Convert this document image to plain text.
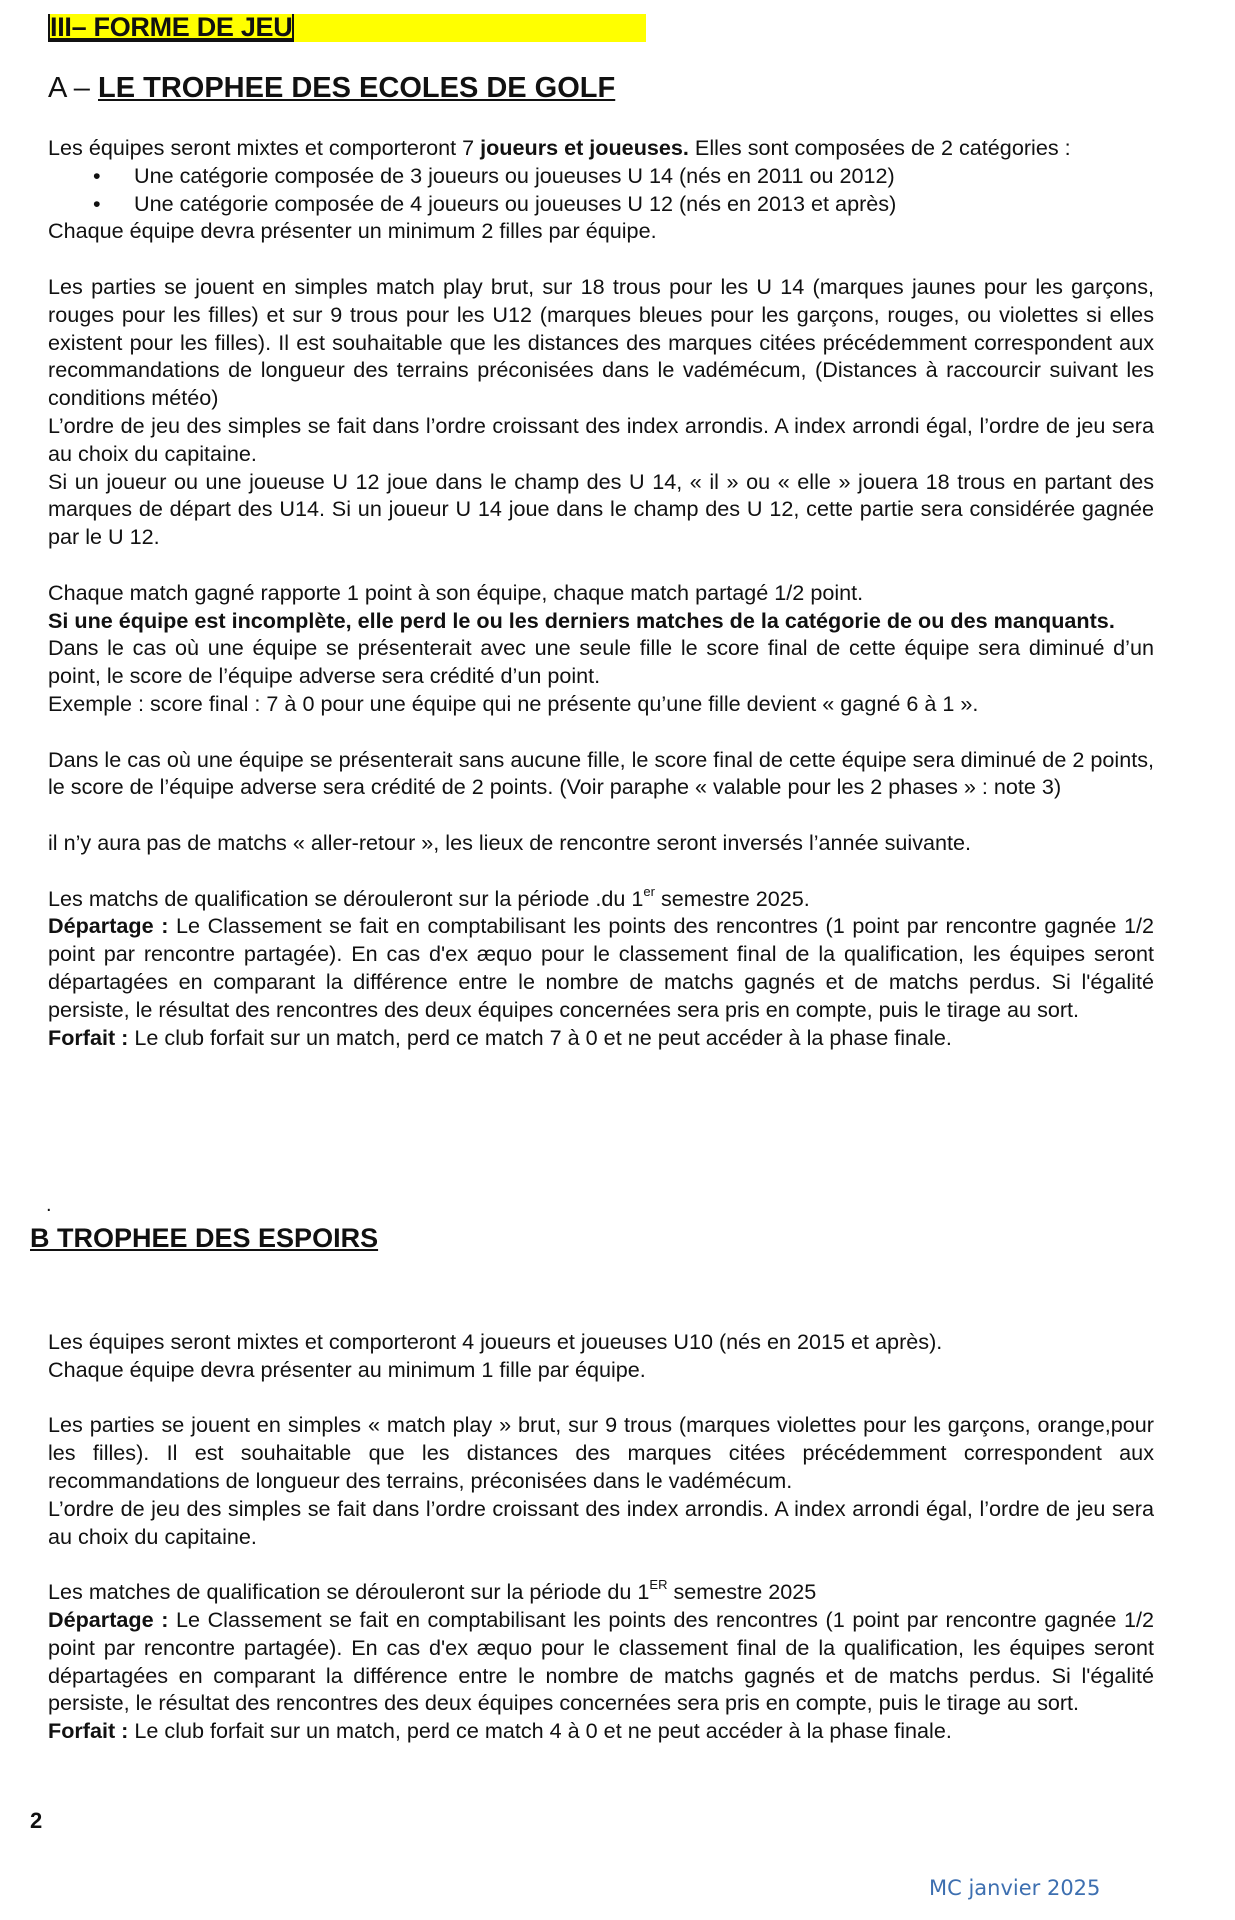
III– FORME DE JEU
A – LE TROPHEE DES ECOLES DE GOLF

Les équipes seront mixtes et comporteront 7 joueurs et joueuses. Elles sont composées de 2 catégories :

• Une catégorie composée de 3 joueurs ou joueuses U 14 (nés en 2011 ou 2012)
• Une catégorie composée de 4 joueurs ou joueuses U 12 (nés en 2013 et après)

Chaque équipe devra présenter un minimum 2 filles par équipe.

Les parties se jouent en simples match play brut, sur 18 trous pour les U 14 (marques jaunes pour les garçons, rouges pour les filles) et sur 9 trous pour les U12 (marques bleues pour les garçons, rouges, ou violettes si elles existent pour les filles). Il est souhaitable que les distances des marques citées précédemment correspondent aux recommandations de longueur des terrains préconisées dans le vadémécum, (Distances à raccourcir suivant les conditions météo)

L’ordre de jeu des simples se fait dans l’ordre croissant des index arrondis. A index arrondi égal, l’ordre de jeu sera au choix du capitaine.

Si un joueur ou une joueuse U 12 joue dans le champ des U 14, « il » ou « elle » jouera 18 trous en partant des marques de départ des U14. Si un joueur U 14 joue dans le champ des U 12, cette partie sera considérée gagnée par le U 12.

Chaque match gagné rapporte 1 point à son équipe, chaque match partagé 1/2 point.

Si une équipe est incomplète, elle perd le ou les derniers matches de la catégorie de ou des manquants.

Dans le cas où une équipe se présenterait avec une seule fille le score final de cette équipe sera diminué d’un point, le score de l’équipe adverse sera crédité d’un point.

Exemple : score final : 7 à 0 pour une équipe qui ne présente qu’une fille devient « gagné 6 à 1 ».

Dans le cas où une équipe se présenterait sans aucune fille, le score final de cette équipe sera diminué de 2 points, le score de l’équipe adverse sera crédité de 2 points. (Voir paraphe « valable pour les 2 phases » : note 3)

il n’y aura pas de matchs « aller-retour », les lieux de rencontre seront inversés l’année suivante.

Les matchs de qualification se dérouleront sur la période .du 1er semestre 2025.

Départage : Le Classement se fait en comptabilisant les points des rencontres (1 point par rencontre gagnée 1/2 point par rencontre partagée). En cas d'ex æquo pour le classement final de la qualification, les équipes seront départagées en comparant la différence entre le nombre de matchs gagnés et de matchs perdus. Si l'égalité persiste, le résultat des rencontres des deux équipes concernées sera pris en compte, puis le tirage au sort.

Forfait : Le club forfait sur un match, perd ce match 7 à 0 et ne peut accéder à la phase finale.

.
B TROPHEE DES ESPOIRS

Les équipes seront mixtes et comporteront 4 joueurs et joueuses U10 (nés en 2015 et après).

Chaque équipe devra présenter au minimum 1 fille par équipe.

Les parties se jouent en simples « match play » brut, sur 9 trous (marques violettes pour les garçons, orange,pour les filles). Il est souhaitable que les distances des marques citées précédemment correspondent aux recommandations de longueur des terrains, préconisées dans le vadémécum.

L’ordre de jeu des simples se fait dans l’ordre croissant des index arrondis. A index arrondi égal, l’ordre de jeu sera au choix du capitaine.

Les matches de qualification se dérouleront sur la période du 1ER semestre 2025

Départage : Le Classement se fait en comptabilisant les points des rencontres (1 point par rencontre gagnée 1/2 point par rencontre partagée). En cas d'ex æquo pour le classement final de la qualification, les équipes seront départagées en comparant la différence entre le nombre de matchs gagnés et de matchs perdus. Si l'égalité persiste, le résultat des rencontres des deux équipes concernées sera pris en compte, puis le tirage au sort.

Forfait : Le club forfait sur un match, perd ce match 4 à 0 et ne peut accéder à la phase finale.

2
MC janvier 2025
